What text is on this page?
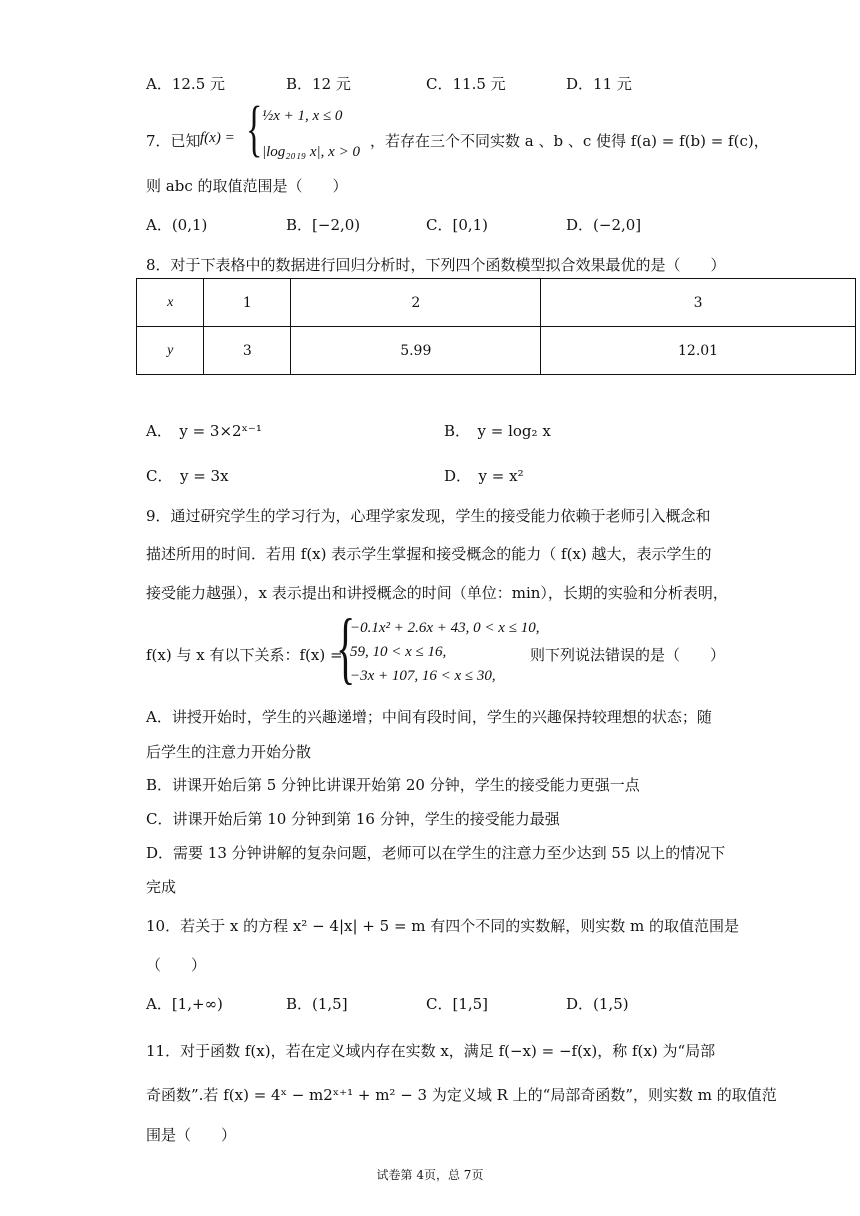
A．12.5 元	B．12 元	C．11.5 元	D．11 元
7．已知 f(x) = { ½x + 1, x ≤ 0
|log₂₀₁₉ x|, x > 0
，若存在三个不同实数 a 、b 、c 使得 f(a) = f(b) = f(c)，
则 abc 的取值范围是（　　）
A．(0,1)	B．[−2,0)	C．[0,1)	D．(−2,0]
8．对于下表格中的数据进行回归分析时，下列四个函数模型拟合效果最优的是（　　）
x	1	2	3
y	3	5.99	12.01
A．　y = 3×2ˣ⁻¹	B．　y = log₂ x
C．　y = 3x	D．　y = x²
9．通过研究学生的学习行为，心理学家发现，学生的接受能力依赖于老师引入概念和
描述所用的时间．若用 f(x) 表示学生掌握和接受概念的能力（ f(x) 越大，表示学生的
接受能力越强），x 表示提出和讲授概念的时间（单位：min），长期的实验和分析表明，
f(x) 与 x 有以下关系：f(x) =
{
−0.1x² + 2.6x + 43, 0 < x ≤ 10,
59, 10 < x ≤ 16,
−3x + 107, 16 < x ≤ 30,
则下列说法错误的是（　　）
A．讲授开始时，学生的兴趣递增；中间有段时间，学生的兴趣保持较理想的状态；随
后学生的注意力开始分散
B．讲课开始后第 5 分钟比讲课开始第 20 分钟，学生的接受能力更强一点
C．讲课开始后第 10 分钟到第 16 分钟，学生的接受能力最强
D．需要 13 分钟讲解的复杂问题，老师可以在学生的注意力至少达到 55 以上的情况下
完成
10．若关于 x 的方程 x² − 4|x| + 5 = m 有四个不同的实数解，则实数 m 的取值范围是
（　　）
A．[1,+∞)	B．(1,5]	C．[1,5]	D．(1,5)
11．对于函数 f(x)，若在定义域内存在实数 x，满足 f(−x) = −f(x)，称 f(x) 为“局部
奇函数”.若 f(x) = 4ˣ − m2ˣ⁺¹ + m² − 3 为定义域 R 上的“局部奇函数”，则实数 m 的取值范
围是（　　）
试卷第 4页，总 7页
